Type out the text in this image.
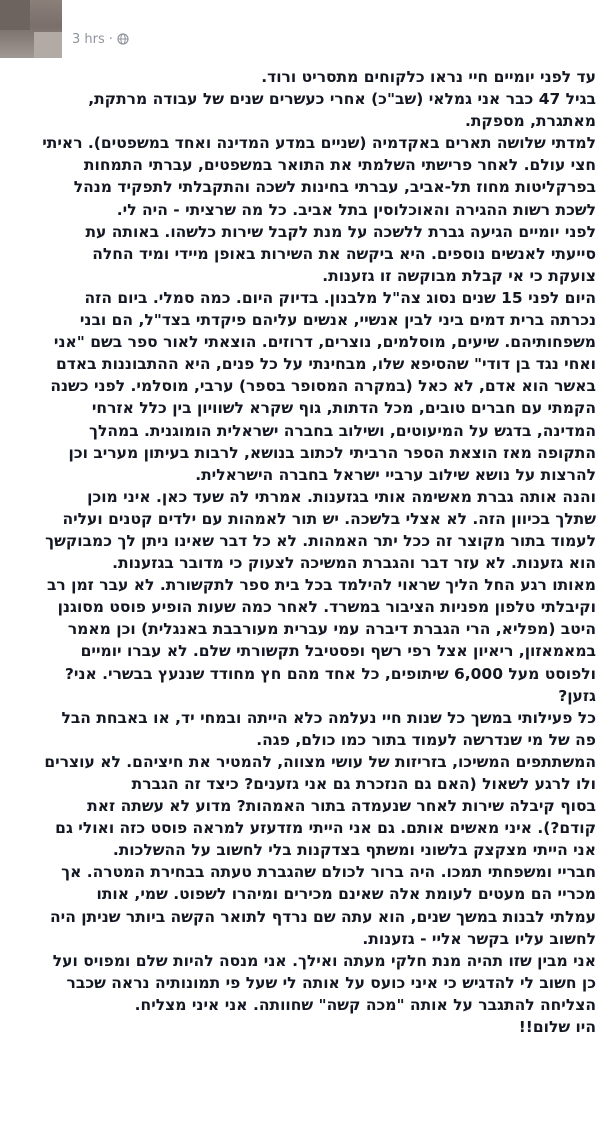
3 hrs ·

עד לפני יומיים חיי נראו כלקוחים מתסריט ורוד.

בגיל 47 כבר אני גמלאי (שב"כ) אחרי כעשרים שנים של עבודה מרתקת,

מאתגרת, מספקת.

למדתי שלושה תארים באקדמיה (שניים במדע המדינה ואחד במשפטים). ראיתי

חצי עולם. לאחר פרישתי השלמתי את התואר במשפטים, עברתי התמחות

בפרקליטות מחוז תל-אביב, עברתי בחינות לשכה והתקבלתי לתפקיד מנהל

לשכת רשות ההגירה והאוכלוסין בתל אביב. כל מה שרציתי - היה לי.

לפני יומיים הגיעה גברת ללשכה על מנת לקבל שירות כלשהו. באותה עת

סייעתי לאנשים נוספים. היא ביקשה את השירות באופן מיידי ומיד החלה

צועקת כי אי קבלת מבוקשה זו גזענות.

היום לפני 15 שנים נסוג צה"ל מלבנון. בדיוק היום. כמה סמלי. ביום הזה

נכרתה ברית דמים ביני לבין אנשיי, אנשים עליהם פיקדתי בצד"ל, הם ובני

משפחותיהם. שיעים, מוסלמים, נוצרים, דרוזים. הוצאתי לאור ספר בשם "אני

ואחי נגד בן דודי" שהסיפא שלו, מבחינתי על כל פנים, היא ההתבוננות באדם

באשר הוא אדם, לא כאל (במקרה המסופר בספר) ערבי, מוסלמי. לפני כשנה

הקמתי עם חברים טובים, מכל הדתות, גוף שקרא לשוויון בין כלל אזרחי

המדינה, בדגש על המיעוטים, ושילוב בחברה ישראלית הומוגנית. במהלך

התקופה מאז הוצאת הספר הרביתי לכתוב בנושא, לרבות בעיתון מעריב וכן

להרצות על נושא שילוב ערביי ישראל בחברה הישראלית.

והנה אותה גברת מאשימה אותי בגזענות. אמרתי לה שעד כאן. איני מוכן

שתלך בכיוון הזה. לא אצלי בלשכה. יש תור לאמהות עם ילדים קטנים ועליה

לעמוד בתור מקוצר זה ככל יתר האמהות. לא כל דבר שאינו ניתן לך כמבוקשך

הוא גזענות. לא עזר דבר והגברת המשיכה לצעוק כי מדובר בגזענות.

מאותו רגע החל הליך שראוי להילמד בכל בית ספר לתקשורת. לא עבר זמן רב

וקיבלתי טלפון מפניות הציבור במשרד. לאחר כמה שעות הופיע פוסט מסוגנן

היטב (מפליא, הרי הגברת דיברה עמי עברית מעורבבת באנגלית) וכן מאמר

במאמאזון, ריאיון אצל רפי רשף ופסטיבל תקשורתי שלם. לא עברו יומיים

ולפוסט מעל 6,000 שיתופים, כל אחד מהם חץ מחודד שננעץ בבשרי. אני?

גזען?

כל פעילותי במשך כל שנות חיי נעלמה כלא הייתה ובמחי יד, או באבחת הבל

פה של מי שנדרשה לעמוד בתור כמו כולם, פגה.

המשתתפים המשיכו, בזריזות של עושי מצווה, להמטיר את חיציהם. לא עוצרים

ולו לרגע לשאול (האם גם הנזכרת גם אני גזענים? כיצד זה הגברת

בסוף קיבלה שירות לאחר שנעמדה בתור האמהות? מדוע לא עשתה זאת

קודם?). איני מאשים אותם. גם אני הייתי מזדעזע למראה פוסט כזה ואולי גם

אני הייתי מצקצק בלשוני ומשתף בצדקנות בלי לחשוב על ההשלכות.

חבריי ומשפחתי תמכו. היה ברור לכולם שהגברת טעתה בבחירת המטרה. אך

מכריי הם מעטים לעומת אלה שאינם מכירים ומיהרו לשפוט. שמי, אותו

עמלתי לבנות במשך שנים, הוא עתה שם נרדף לתואר הקשה ביותר שניתן היה

לחשוב עליו בקשר אליי - גזענות.

אני מבין שזו תהיה מנת חלקי מעתה ואילך. אני מנסה להיות שלם ומפויס ועל

כן חשוב לי להדגיש כי איני כועס על אותה לי שעל פי תמונותיה נראה שכבר

הצליחה להתגבר על אותה "מכה קשה" שחוותה. אני איני מצליח.

היו שלום!!
